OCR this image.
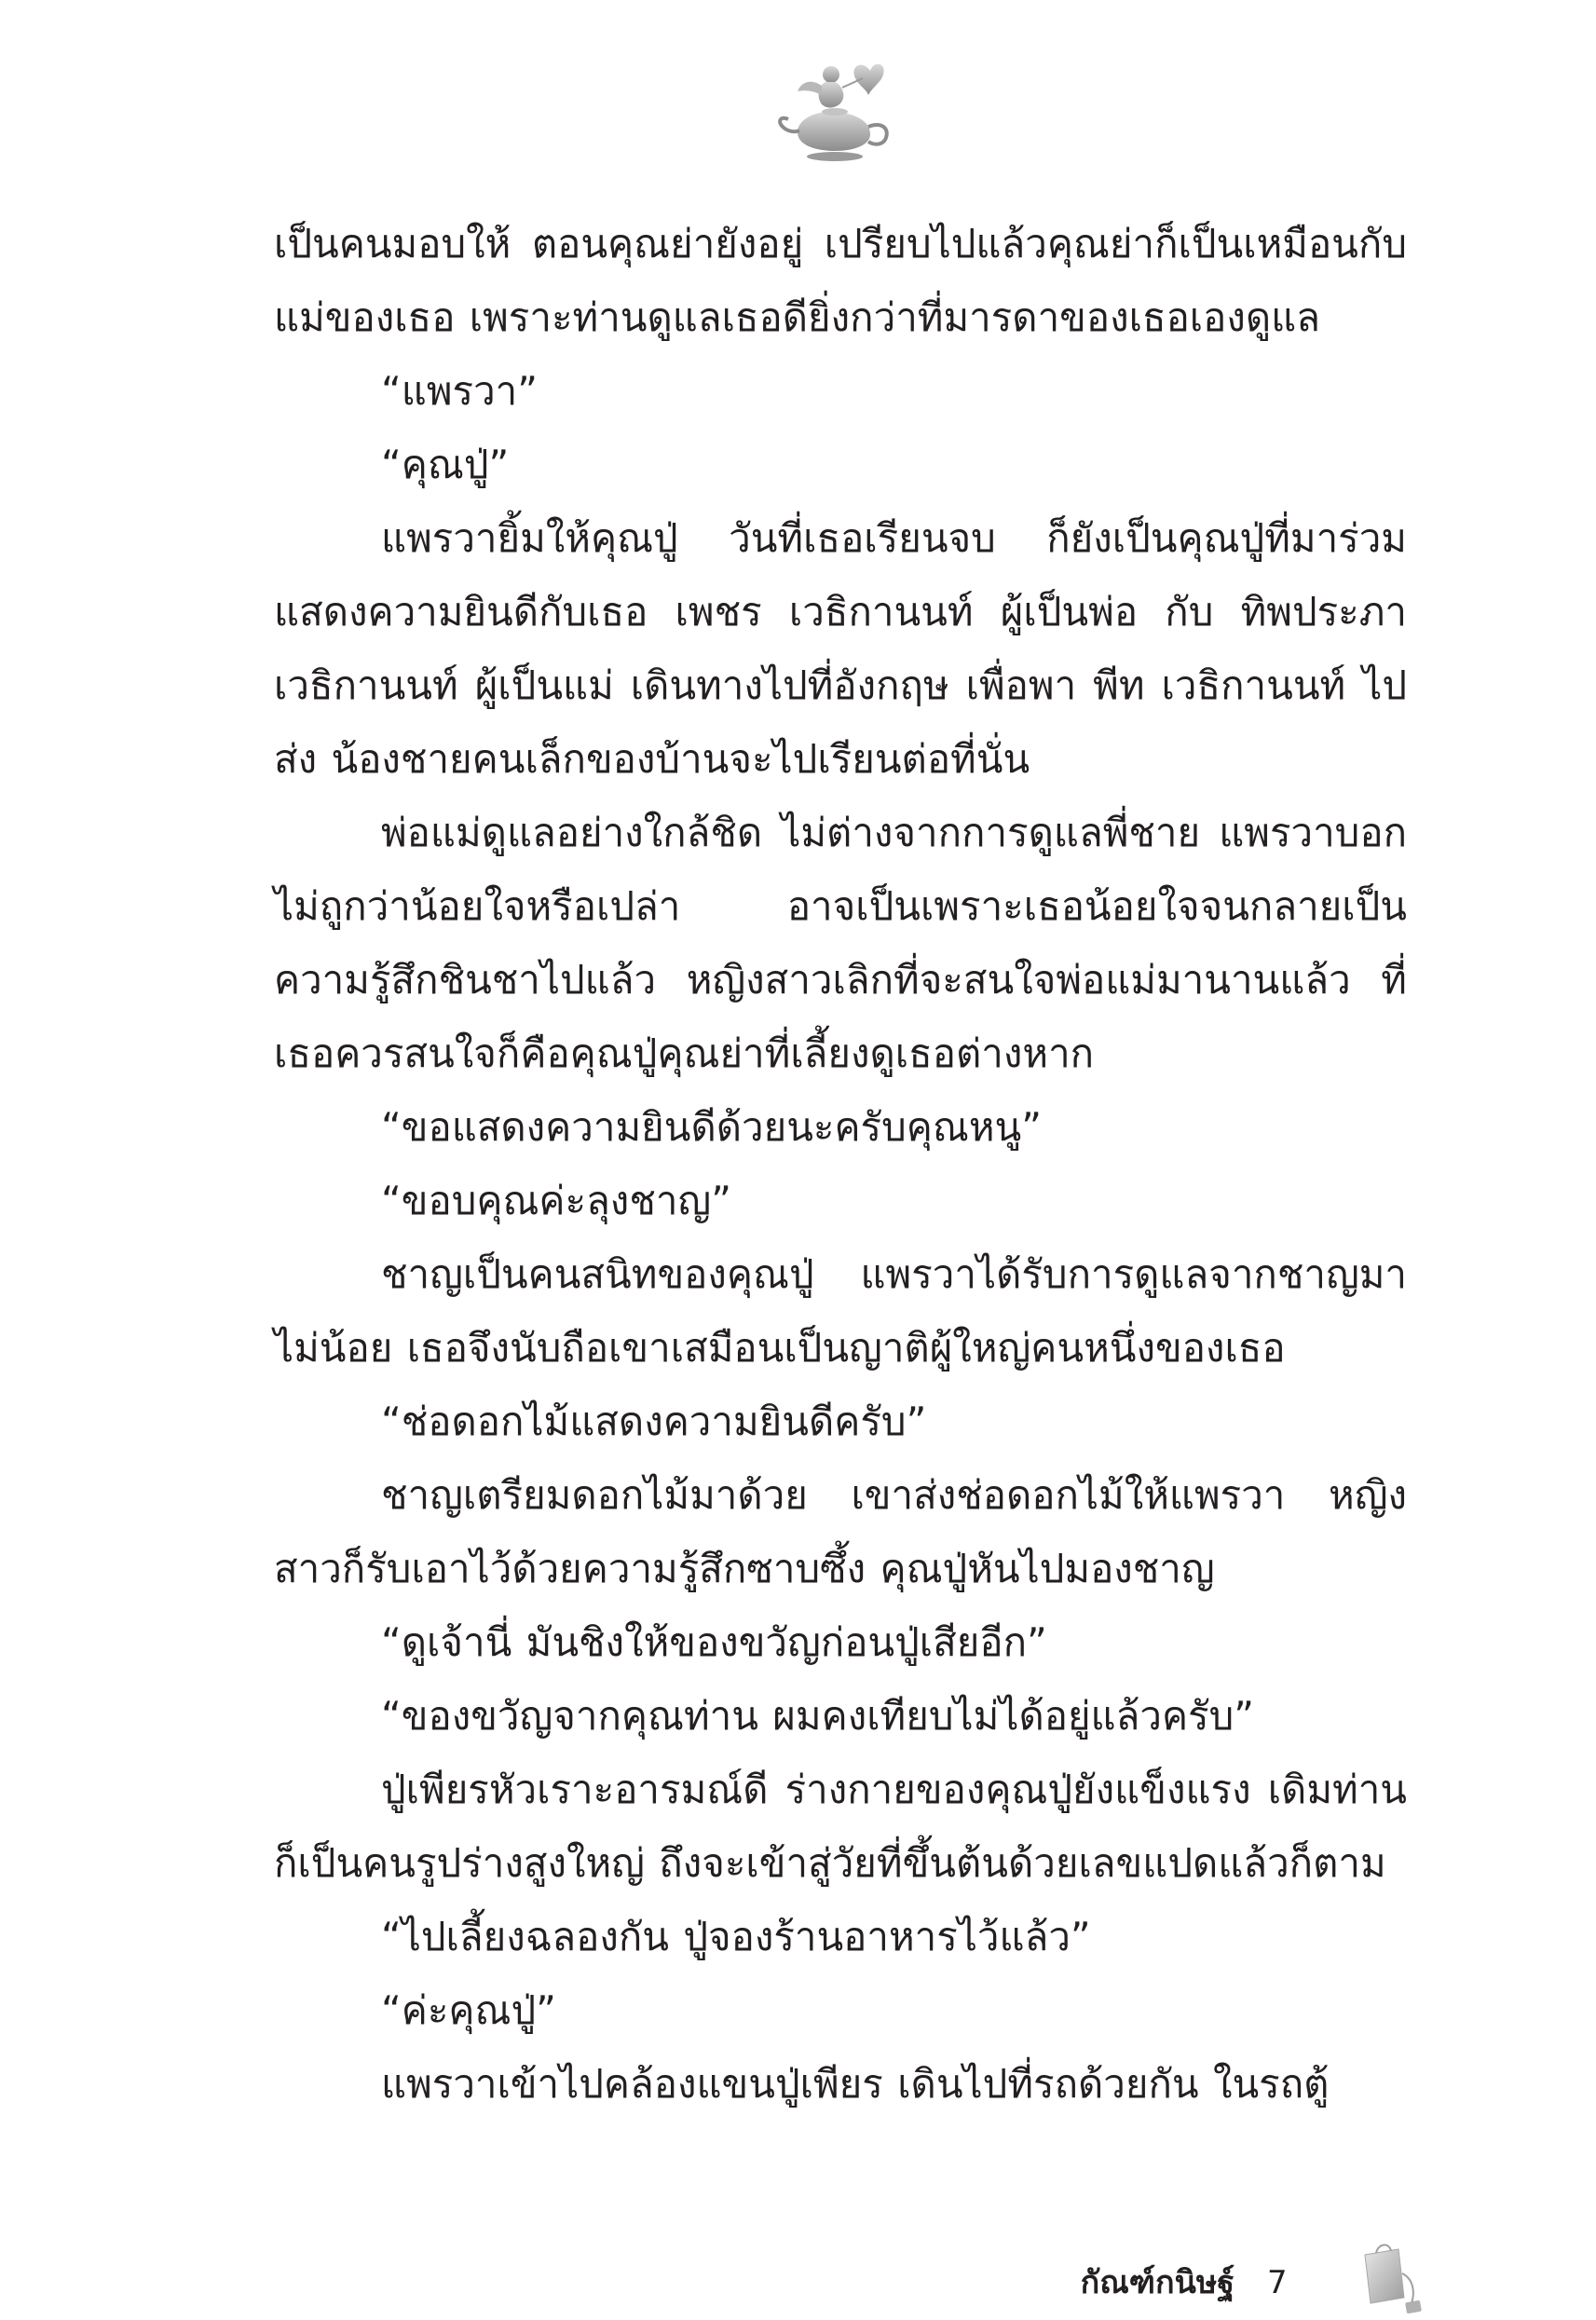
เป็นคนมอบให้ ตอนคุณย่ายังอยู่ เปรียบไปแล้วคุณย่าก็เป็นเหมือนกับแม่ของเธอ เพราะท่านดูแลเธอดียิ่งกว่าที่มารดาของเธอเองดูแล

“แพรวา”

“คุณปู่”

แพรวายิ้มให้คุณปู่ วันที่เธอเรียนจบ ก็ยังเป็นคุณปู่ที่มาร่วมแสดงความยินดีกับเธอ เพชร เวธิกานนท์ ผู้เป็นพ่อ กับ ทิพประภา เวธิกานนท์ ผู้เป็นแม่ เดินทางไปที่อังกฤษ เพื่อพา พีท เวธิกานนท์ ไปส่ง น้องชายคนเล็กของบ้านจะไปเรียนต่อที่นั่น

พ่อแม่ดูแลอย่างใกล้ชิด ไม่ต่างจากการดูแลพี่ชาย แพรวาบอกไม่ถูกว่าน้อยใจหรือเปล่า อาจเป็นเพราะเธอน้อยใจจนกลายเป็นความรู้สึกชินชาไปแล้ว หญิงสาวเลิกที่จะสนใจพ่อแม่มานานแล้ว ที่เธอควรสนใจก็คือคุณปู่คุณย่าที่เลี้ยงดูเธอต่างหาก

“ขอแสดงความยินดีด้วยนะครับคุณหนู”

“ขอบคุณค่ะลุงชาญ”

ชาญเป็นคนสนิทของคุณปู่ แพรวาได้รับการดูแลจากชาญมาไม่น้อย เธอจึงนับถือเขาเสมือนเป็นญาติผู้ใหญ่คนหนึ่งของเธอ

“ช่อดอกไม้แสดงความยินดีครับ”

ชาญเตรียมดอกไม้มาด้วย เขาส่งช่อดอกไม้ให้แพรวา หญิงสาวก็รับเอาไว้ด้วยความรู้สึกซาบซึ้ง คุณปู่หันไปมองชาญ

“ดูเจ้านี่ มันชิงให้ของขวัญก่อนปู่เสียอีก”

“ของขวัญจากคุณท่าน ผมคงเทียบไม่ได้อยู่แล้วครับ”

ปู่เพียรหัวเราะอารมณ์ดี ร่างกายของคุณปู่ยังแข็งแรง เดิมท่านก็เป็นคนรูปร่างสูงใหญ่ ถึงจะเข้าสู่วัยที่ขึ้นต้นด้วยเลขแปดแล้วก็ตาม

“ไปเลี้ยงฉลองกัน ปู่จองร้านอาหารไว้แล้ว”

“ค่ะคุณปู่”

แพรวาเข้าไปคล้องแขนปู่เพียร เดินไปที่รถด้วยกัน ในรถตู้

กัณฑ์กนิษฐ์ 7
